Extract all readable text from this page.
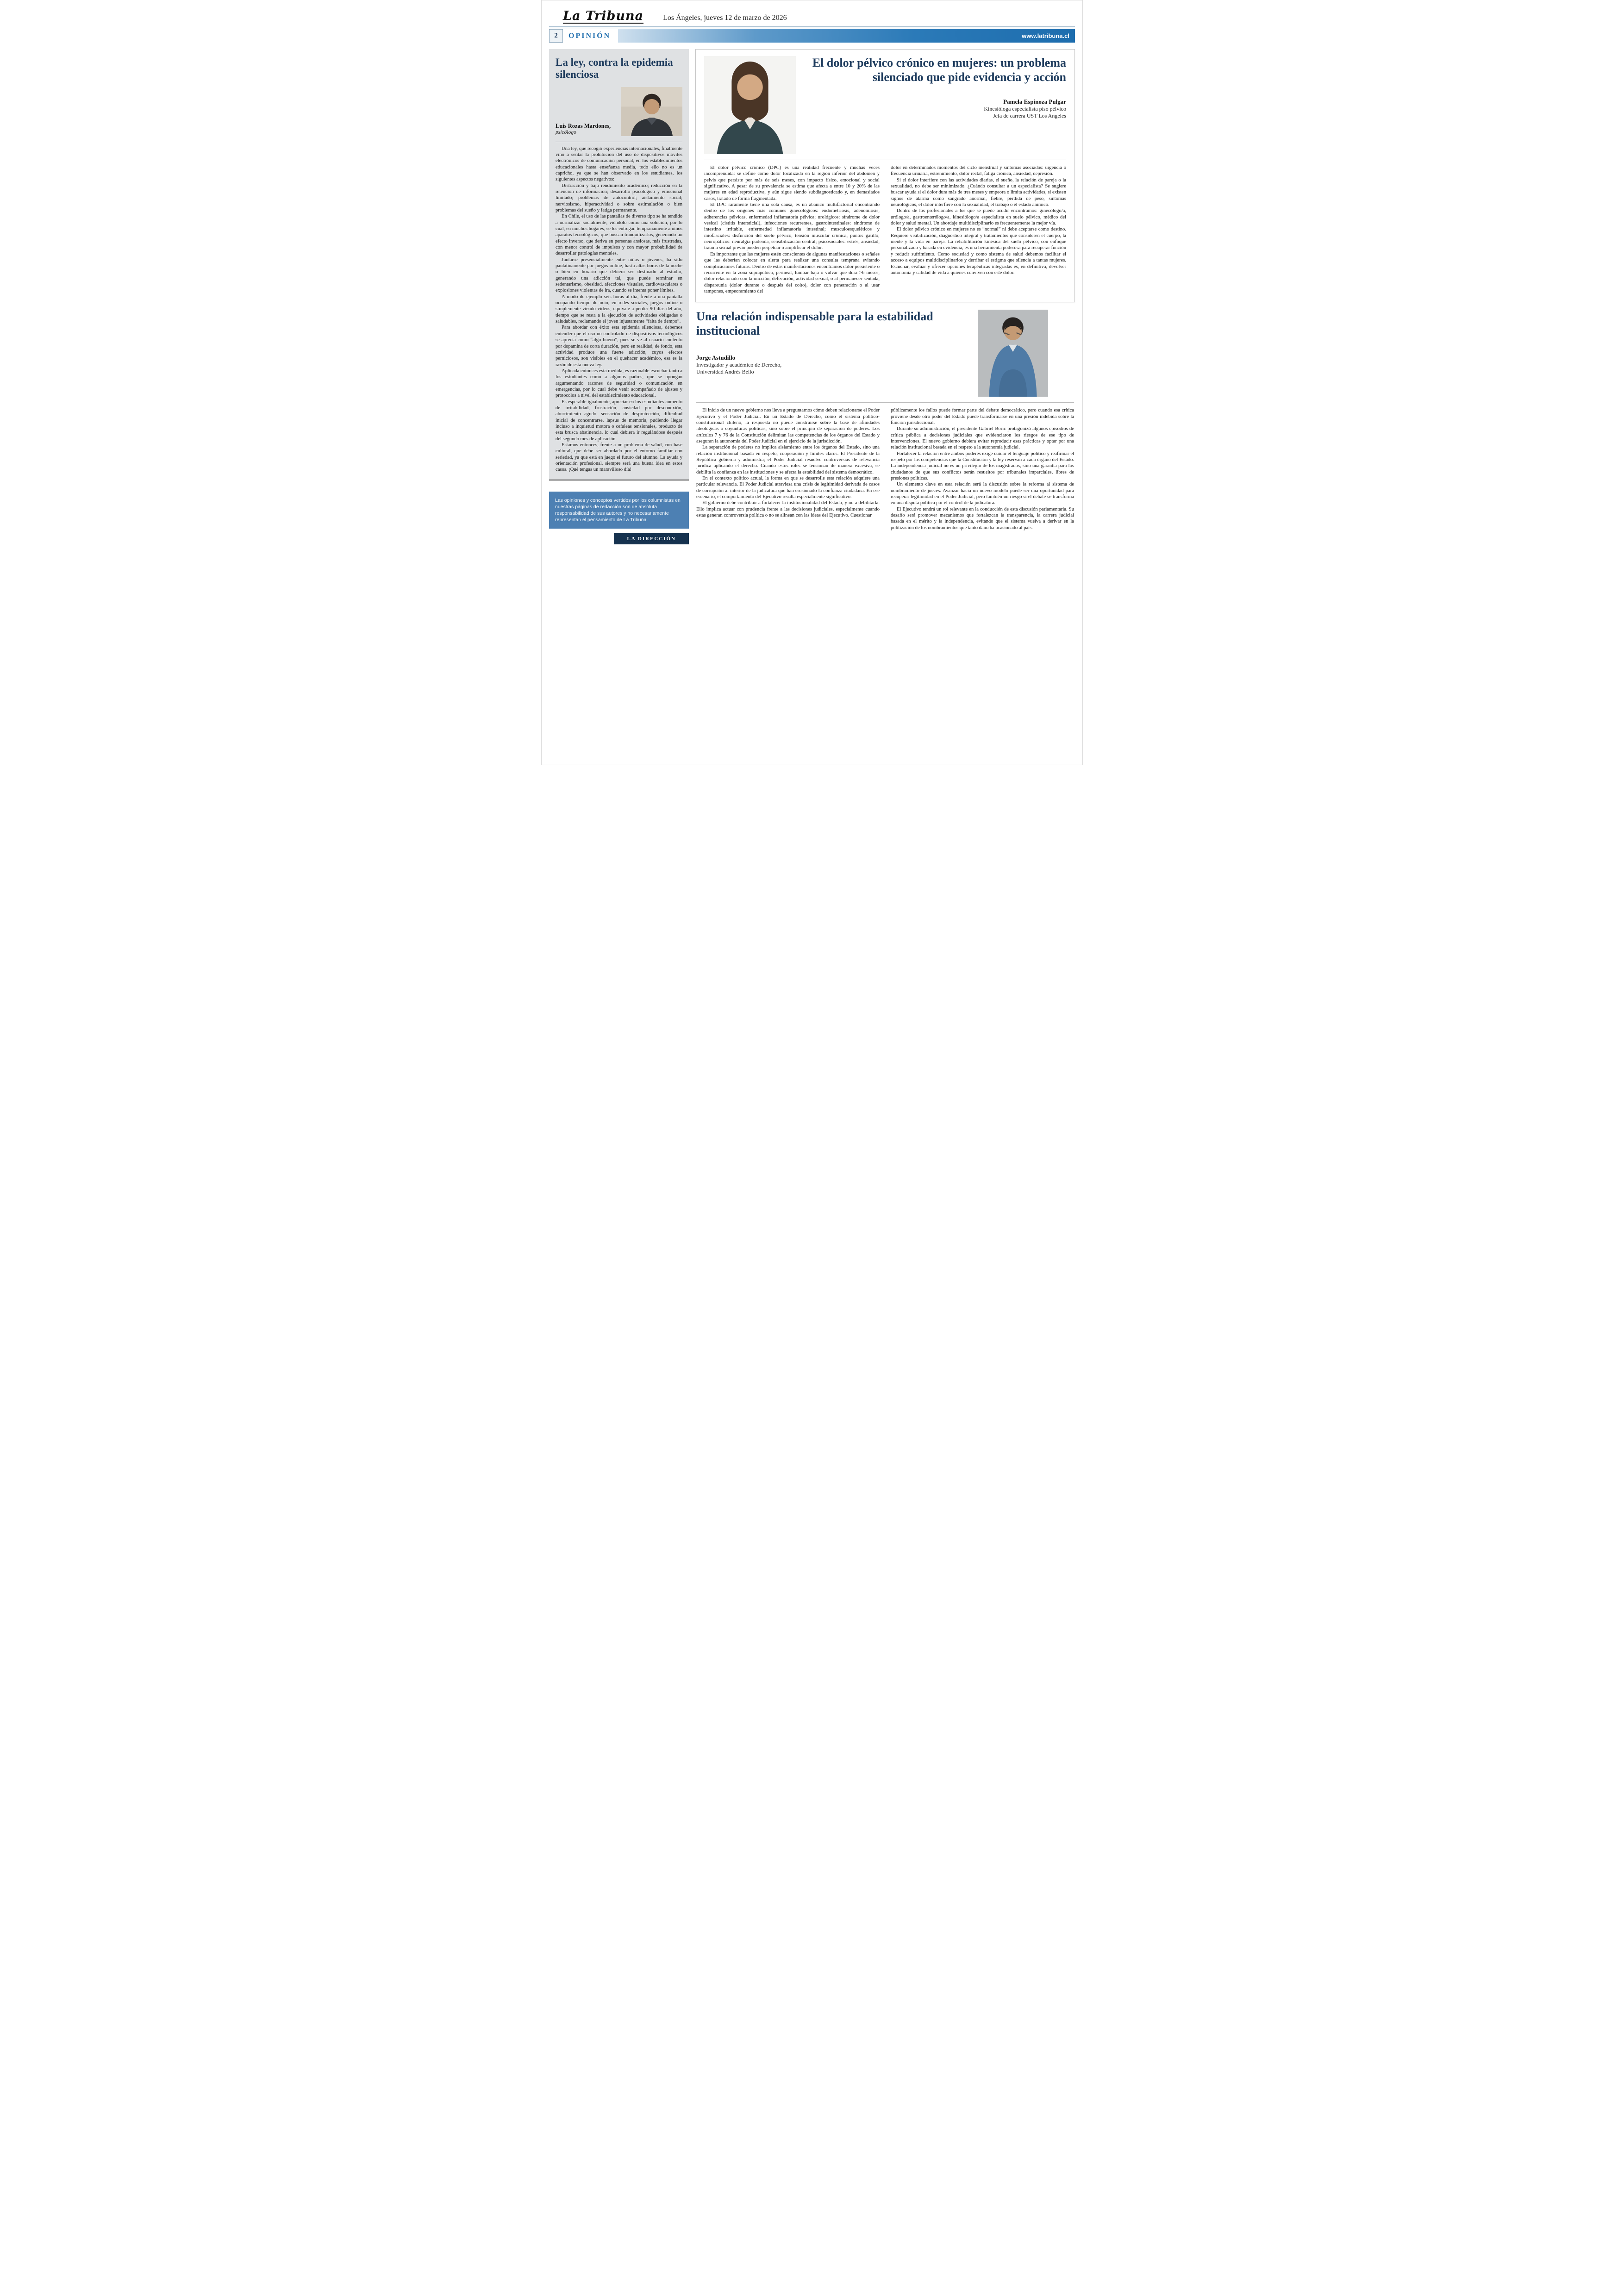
La Tribuna	Los Ángeles, jueves 12 de marzo de 2026
2	OPINIÓN	www.latribuna.cl
La ley, contra la epidemia silenciosa
Luis Rozas Mardones,
psicólogo

Una ley, que recogió experiencias internacionales, finalmente vino a sentar la prohibición del uso de dispositivos móviles electrónicos de comunicación personal, en los establecimientos educacionales hasta enseñanza media, todo ello no es un capricho, ya que se han observado en los estudiantes, los siguientes aspectos negativos:

Distracción y bajo rendimiento académico; reducción en la retención de información; desarrollo psicológico y emocional limitado; problemas de autocontrol; aislamiento social; nerviosismo, hiperactividad o sobre estimulación o bien problemas del sueño y fatiga permanente.

En Chile, el uso de las pantallas de diverso tipo se ha tendido a normalizar socialmente, viéndolo como una solución, por lo cual, en muchos hogares, se les entregan tempranamente a niños aparatos tecnológicos, que buscan tranquilizarlos, generando un efecto inverso, que deriva en personas ansiosas, más frustradas, con menor control de impulsos y con mayor probabilidad de desarrollar patologías mentales.

Juntarse presencialmente entre niños o jóvenes, ha sido paulatinamente por juegos online, hasta altas horas de la noche o bien en horario que debiera ser destinado al estudio, generando una adicción tal, que puede terminar en sedentarismo, obesidad, afecciones visuales, cardiovasculares o explosiones violentas de ira, cuando se intenta poner límites.

A modo de ejemplo seis horas al día, frente a una pantalla ocupando tiempo de ocio, en redes sociales, juegos online o simplemente viendo videos, equivale a perder 90 días del año, tiempo que se resta a la ejecución de actividades obligadas o saludables, reclamando el joven injustamente “falta de tiempo”.

Para abordar con éxito esta epidemia silenciosa, debemos entender que el uso no controlado de dispositivos tecnológicos se aprecia como “algo bueno”, pues se ve al usuario contento por dopamina de corta duración, pero en realidad, de fondo, esta actividad produce una fuerte adicción, cuyos efectos perniciosos, son visibles en el quehacer académico, esa es la razón de esta nueva ley.

Aplicada entonces esta medida, es razonable escuchar tanto a los estudiantes como a algunos padres, que se opongan argumentando razones de seguridad o comunicación en emergencias, por lo cual debe venir acompañado de ajustes y protocolos a nivel del establecimiento educacional.

Es esperable igualmente, apreciar en los estudiantes aumento de irritabilidad, frustración, ansiedad por desconexión, aburrimiento agudo, sensación de desprotección, dificultad inicial de concentrarse, lapsus de memoria, pudiendo llegar incluso a inquietud motora o cefaleas tensionales, producto de esta brusca abstinencia, lo cual debiera ir regulándose después del segundo mes de aplicación.

Estamos entonces, frente a un problema de salud, con base cultural, que debe ser abordado por el entorno familiar con seriedad, ya que está en juego el futuro del alumno. La ayuda y orientación profesional, siempre será una buena idea en estos casos. ¡Qué tengas un maravilloso día!

Las opiniones y conceptos vertidos por los columnistas en nuestras páginas de redacción son de absoluta responsabilidad de sus autores y no necesariamente representan el pensamiento de La Tribuna.
LA DIRECCIÓN
El dolor pélvico crónico en mujeres: un problema silenciado que pide evidencia y acción
Pamela Espinoza Pulgar
Kinesióloga especialista piso pélvico
Jefa de carrera UST Los Angeles

El dolor pélvico crónico (DPC) es una realidad frecuente y muchas veces incomprendida: se define como dolor localizado en la región inferior del abdomen y pelvis que persiste por más de seis meses, con impacto físico, emocional y social significativo. A pesar de su prevalencia se estima que afecta a entre 10 y 20% de las mujeres en edad reproductiva, y aún sigue siendo subdiagnosticado y, en demasiados casos, tratado de forma fragmentada.

El DPC raramente tiene una sola causa, es un abanico multifactorial encontrando dentro de los orígenes más comunes ginecológicos: endometriosis, adenomiosis, adherencias pélvicas, enfermedad inflamatoria pélvica; urológicos: síndrome de dolor vesical (cistitis intersticial), infecciones recurrentes, gastrointestinales: síndrome de intestino irritable, enfermedad inflamatoria intestinal; musculoesqueléticos y miofasciales: disfunción del suelo pélvico, tensión muscular crónica, puntos gatillo; neuropáticos: neuralgia pudenda, sensibilización central; psicosociales: estrés, ansiedad, trauma sexual previo pueden perpetuar o amplificar el dolor.

Es importante que las mujeres estén conscientes de algunas manifestaciones o señales que las deberían colocar en alerta para realizar una consulta temprana evitando complicaciones futuras. Dentro de estas manifestaciones encontramos dolor persistente o recurrente en la zona suprapúbica, perineal, lumbar baja o vulvar que dura >6 meses, dolor relacionado con la micción, defecación, actividad sexual, o al permanecer sentada, dispareunia (dolor durante o después del coito), dolor con penetración o al usar tampones, empeoramiento del

dolor en determinados momentos del ciclo menstrual y síntomas asociados: urgencia o frecuencia urinaria, estreñimiento, dolor rectal, fatiga crónica, ansiedad, depresión.

Si el dolor interfiere con las actividades diarias, el sueño, la relación de pareja o la sexualidad, no debe ser minimizado. ¿Cuándo consultar a un especialista? Se sugiere buscar ayuda si el dolor dura más de tres meses y empeora o limita actividades, si existen signos de alarma como sangrado anormal, fiebre, pérdida de peso, síntomas neurológicos, el dolor interfiere con la sexualidad, el trabajo o el estado anímico.

Dentro de los profesionales a los que se puede acudir encontramos: ginecólogo/a, urólogo/a, gastroenterólogo/a, kinesiólogo/a especialista en suelo pélvico, médico del dolor y salud mental. Un abordaje multidisciplinario es frecuentemente la mejor vía.

El dolor pélvico crónico en mujeres no es “normal” ni debe aceptarse como destino. Requiere visibilización, diagnóstico integral y tratamientos que consideren el cuerpo, la mente y la vida en pareja. La rehabilitación kinésica del suelo pélvico, con enfoque personalizado y basada en evidencia, es una herramienta poderosa para recuperar función y reducir sufrimiento. Como sociedad y como sistema de salud debemos facilitar el acceso a equipos multidisciplinarios y derribar el estigma que silencia a tantas mujeres. Escuchar, evaluar y ofrecer opciones terapéuticas integradas es, en definitiva, devolver autonomía y calidad de vida a quienes conviven con este dolor.

Una relación indispensable para la estabilidad institucional
Jorge Astudillo
Investigador y académico de Derecho,
Universidad Andrés Bello

El inicio de un nuevo gobierno nos lleva a preguntarnos cómo deben relacionarse el Poder Ejecutivo y el Poder Judicial. En un Estado de Derecho, como el sistema político-constitucional chileno, la respuesta no puede construirse sobre la base de afinidades ideológicas o coyunturas políticas, sino sobre el principio de separación de poderes. Los artículos 7 y 76 de la Constitución delimitan las competencias de los órganos del Estado y aseguran la autonomía del Poder Judicial en el ejercicio de la jurisdicción.

La separación de poderes no implica aislamiento entre los órganos del Estado, sino una relación institucional basada en respeto, cooperación y límites claros. El Presidente de la República gobierna y administra; el Poder Judicial resuelve controversias de relevancia jurídica aplicando el derecho. Cuando estos roles se tensionan de manera excesiva, se debilita la confianza en las instituciones y se afecta la estabilidad del sistema democrático.

En el contexto político actual, la forma en que se desarrolle esta relación adquiere una particular relevancia. El Poder Judicial atraviesa una crisis de legitimidad derivada de casos de corrupción al interior de la judicatura que han erosionado la confianza ciudadana. En ese escenario, el comportamiento del Ejecutivo resulta especialmente significativo.

El gobierno debe contribuir a fortalecer la institucionalidad del Estado, y no a debilitarla. Ello implica actuar con prudencia frente a las decisiones judiciales, especialmente cuando estas generan controversia política o no se alinean con las ideas del Ejecutivo. Cuestionar

públicamente los fallos puede formar parte del debate democrático, pero cuando esa crítica proviene desde otro poder del Estado puede transformarse en una presión indebida sobre la función jurisdiccional.

Durante su administración, el presidente Gabriel Boric protagonizó algunos episodios de crítica pública a decisiones judiciales que evidenciaron los riesgos de ese tipo de intervenciones. El nuevo gobierno debiera evitar reproducir esas prácticas y optar por una relación institucional basada en el respeto a la autonomía judicial.

Fortalecer la relación entre ambos poderes exige cuidar el lenguaje político y reafirmar el respeto por las competencias que la Constitución y la ley reservan a cada órgano del Estado. La independencia judicial no es un privilegio de los magistrados, sino una garantía para los ciudadanos de que sus conflictos serán resueltos por tribunales imparciales, libres de presiones políticas.

Un elemento clave en esta relación será la discusión sobre la reforma al sistema de nombramiento de jueces. Avanzar hacia un nuevo modelo puede ser una oportunidad para recuperar legitimidad en el Poder Judicial, pero también un riesgo si el debate se transforma en una disputa política por el control de la judicatura.

El Ejecutivo tendrá un rol relevante en la conducción de esta discusión parlamentaria. Su desafío será promover mecanismos que fortalezcan la transparencia, la carrera judicial basada en el mérito y la independencia, evitando que el sistema vuelva a derivar en la politización de los nombramientos que tanto daño ha ocasionado al país.
